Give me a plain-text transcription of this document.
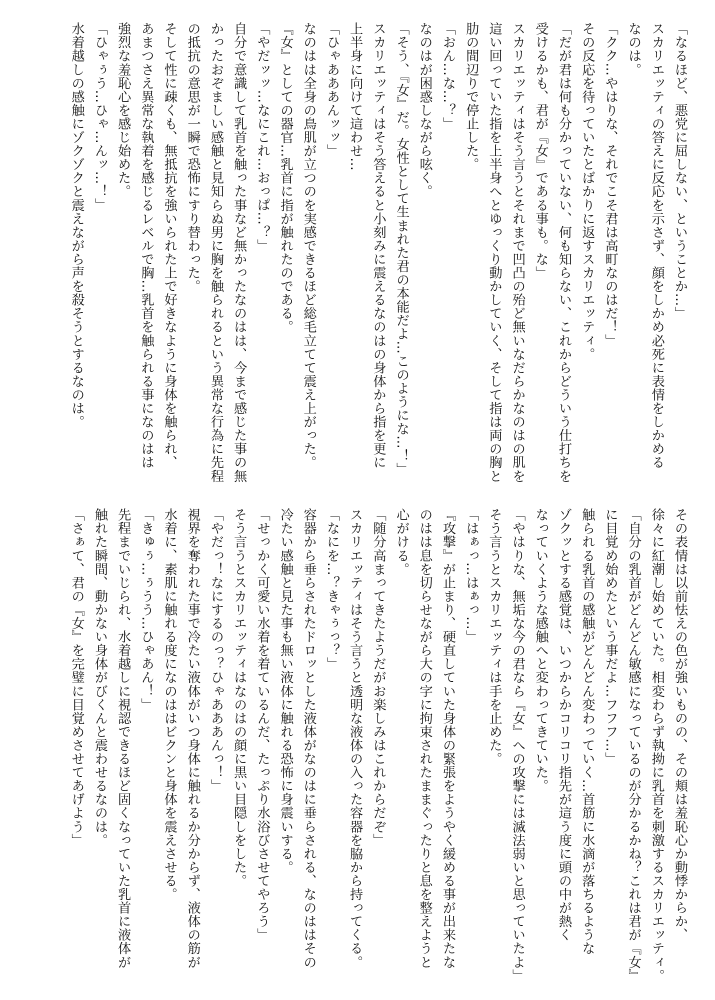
「なるほど、悪党に屈しない、ということか…」
スカリエッティの答えに反応を示さず、顔をしかめ必死に表情をしかめる
なのは。
「クク…やはりな、それでこそ君は高町なのはだ！」
その反応を待っていたとばかりに返すスカリエッティ。
「だが君は何も分かっていない、何も知らない、これからどういう仕打ちを
受けるかも、君が『女』である事も。な」
スカリエッティはそう言うとそれまで凹凸の殆ど無いなだらかなのはの肌を
這い回っていた指を上半身へとゆっくり動かしていく、そして指は両の胸と
肋の間辺りで停止した。
「おん…な…？」
なのはが困惑しながら呟く。
「そう、『女』だ。女性として生まれた君の本能だよ…このようにな…！」
スカリエッティはそう答えると小刻みに震えるなのはの身体から指を更に
上半身に向けて這わせ…
「ひゃあああんッッ」
なのはは全身の鳥肌が立つのを実感できるほど総毛立てて震え上がった。
『女』としての器官…乳首に指が触れたのである。
「やだッッ…なにこれ…おっぱ…？」
自分で意識して乳首を触った事など無かったなのはは、今まで感じた事の無
かったおぞましい感触と見知らぬ男に胸を触られるという異常な行為に先程
の抵抗の意思が一瞬で恐怖にすり替わった。
そして性に疎くも、無抵抗を強いられた上で好きなように身体を触られ、
あまつさえ異常な執着を感じるレベルで胸…乳首を触られる事になのはは
強烈な羞恥心を感じ始めた。
「ひゃぅう…ひゃ…んッ…！」
水着越しの感触にゾクゾクと震えながら声を殺そうとするなのは。
その表情は以前怯えの色が強いものの、その頬は羞恥心か動悸からか、
徐々に紅潮し始めていた。相変わらず執拗に乳首を刺激するスカリエッティ。
「自分の乳首がどんどん敏感になっているのが分かるかね？これは君が『女』
に目覚め始めたという事だよ…フフフ…」
触られる乳首の感触がどんどん変わっていく…首筋に水滴が落ちるような
ゾクッとする感覚は、いつからかコリコリ指先が這う度に頭の中が熱く
なっていくような感触へと変わってきていた。
「やはりな、無垢な今の君なら『女』への攻撃には滅法弱いと思っていたよ」
そう言うとスカリエッティは手を止めた。
「はぁっ…はぁっ…」
『攻撃』が止まり、硬直していた身体の緊張をようやく緩める事が出来たな
のはは息を切らせながら大の字に拘束されたままぐったりと息を整えようと
心がける。
「随分高まってきたようだがお楽しみはこれからだぞ」
スカリエッティはそう言うと透明な液体の入った容器を脇から持ってくる。
「なにを…？きゃぅっ？」
容器から垂らされたドロッとした液体がなのはに垂らされる、なのははその
冷たい感触と見た事も無い液体に触れる恐怖に身震いする。
「せっかく可愛い水着を着ているんだ、たっぷり水浴びさせてやろう」
そう言うとスカリエッティはなのはの顔に黒い目隠しをした。
「やだっ！なにするのっ？ひゃあああんっ！」
視界を奪われた事で冷たい液体がいつ身体に触れるか分からず、液体の筋が
水着に、素肌に触れる度になのははビクンと身体を震えさせる。
「きゅぅ…ぅうう…ひゃあん！」
先程までいじられ、水着越しに視認できるほど固くなっていた乳首に液体が
触れた瞬間、動かない身体がびくんと震わせるなのは。
「さぁて、君の『女』を完璧に目覚めさせてあげよう」
